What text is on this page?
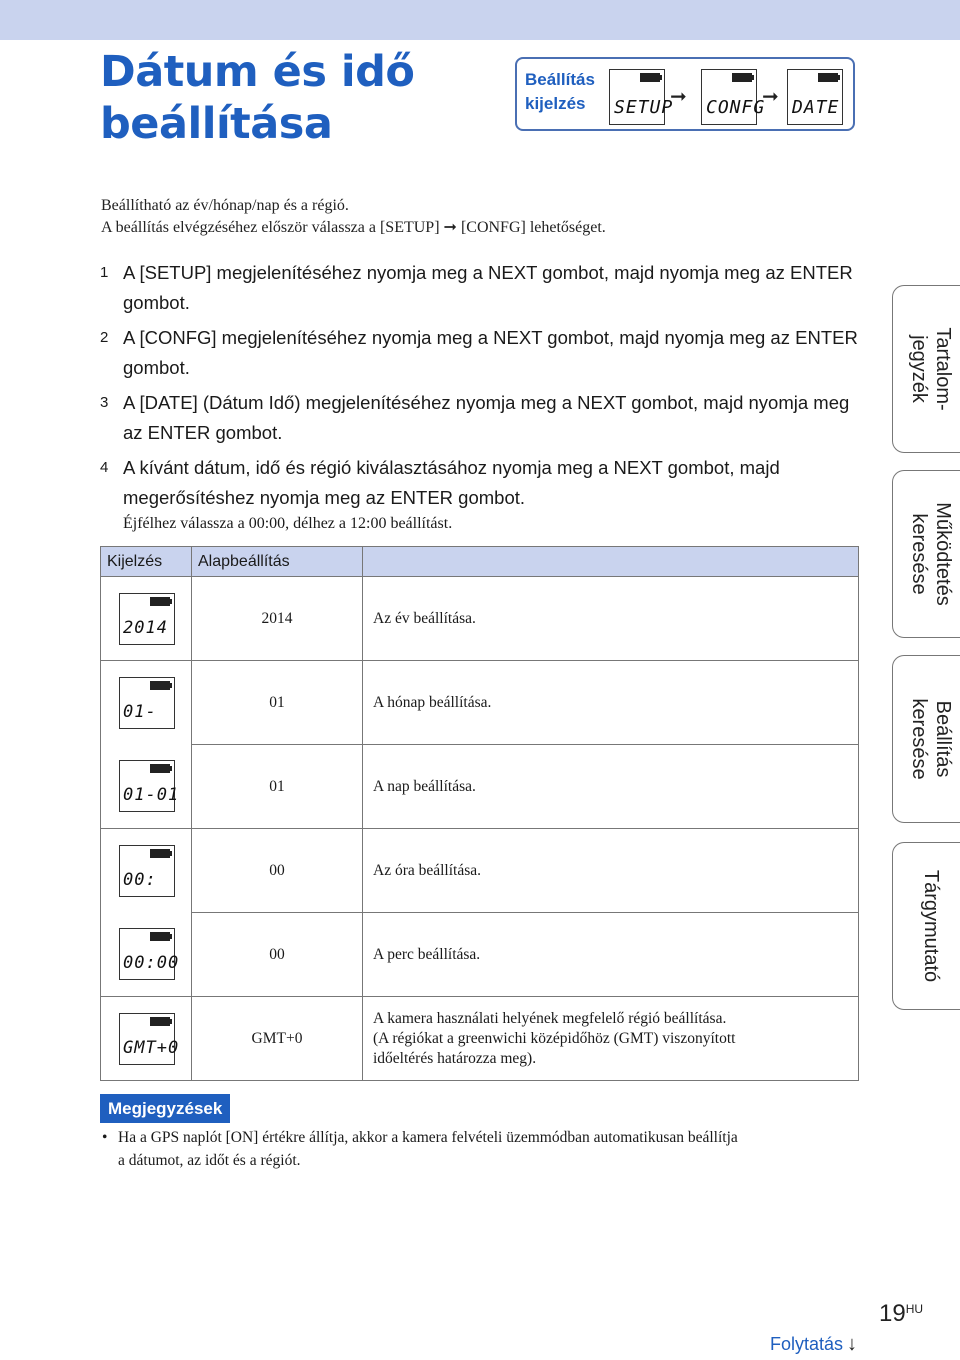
Dátum és idő
beállítása
Beállítás
kijelzés	SETUP
➞ CONFG
➞ DATE
Beállítható az év/hónap/nap és a régió.
A beállítás elvégzéséhez először válassza a [SETUP] ➞ [CONFG] lehetőséget.
1 A [SETUP] megjelenítéséhez nyomja meg a NEXT gombot, majd nyomja meg az ENTER gombot.
2 A [CONFG] megjelenítéséhez nyomja meg a NEXT gombot, majd nyomja meg az ENTER gombot.
3 A [DATE] (Dátum Idő) megjelenítéséhez nyomja meg a NEXT gombot, majd nyomja meg az ENTER gombot.
4 A kívánt dátum, idő és régió kiválasztásához nyomja meg a NEXT gombot, majd megerősítéshez nyomja meg az ENTER gombot.
Éjfélhez válassza a 00:00, délhez a 12:00 beállítást.
Kijelzés	Alapbeállítás	

2014	2014	Az év beállítása.

01-	01	A hónap beállítása.

01-01	01	A nap beállítása.

00:	00	Az óra beállítása.

00:00	00	A perc beállítása.

GMT+0	GMT+0	A kamera használati helyének megfelelő régió beállítása.
(A régiókat a greenwichi középidőhöz (GMT) viszonyított
időeltérés határozza meg).
Megjegyzések
• Ha a GPS naplót [ON] értékre állítja, akkor a kamera felvételi üzemmódban automatikusan beállítja
a dátumot, az időt és a régiót.
Tartalom-
jegyzék
Működtetés
keresése
Beállítás
keresése
Tárgymutató
$19^{HU}$
Folytatás ↓
